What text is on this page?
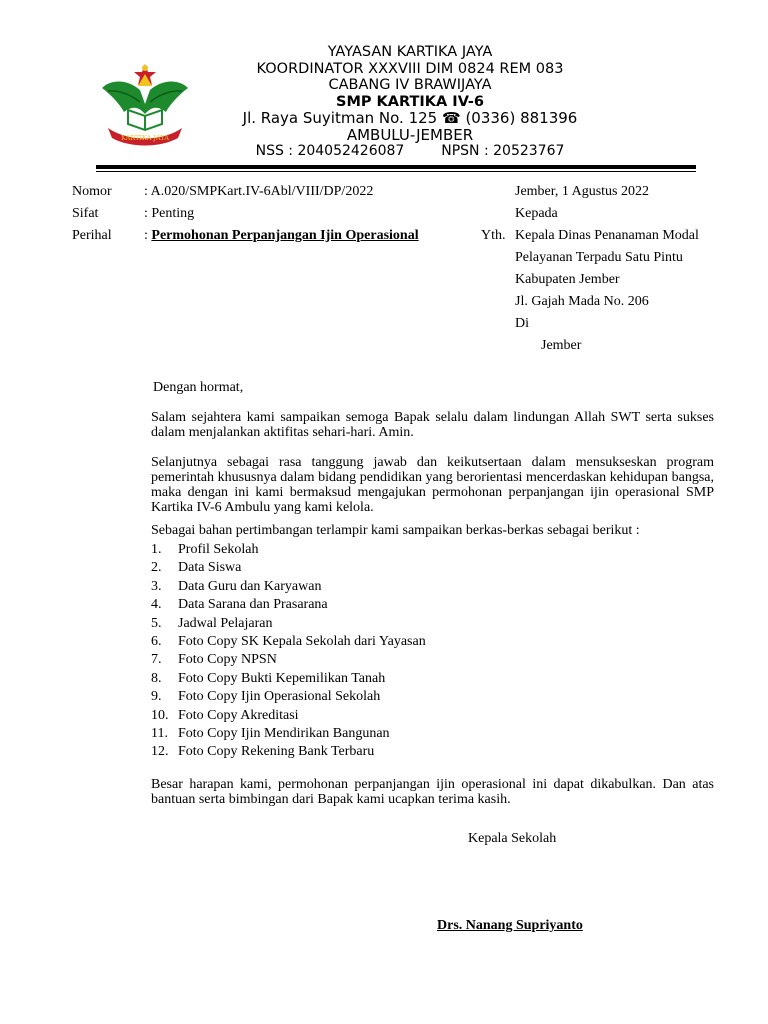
KARTIKA JAYA
YAYASAN KARTIKA JAYA
KOORDINATOR XXXVIII DIM 0824 REM 083
CABANG IV BRAWIJAYA
SMP KARTIKA IV-6
Jl. Raya Suyitman No. 125 ☎ (0336) 881396
AMBULU-JEMBER
NSS : 204052426087	NPSN : 20523767
Nomor : A.020/SMPKart.IV-6Abl/VIII/DP/2022
Sifat	: Penting
Perihal : Permohonan Perpanjangan Ijin Operasional	Yth.
Jember, 1 Agustus 2022
Kepada
Kepala Dinas Penanaman Modal
Pelayanan Terpadu Satu Pintu
Kabupaten Jember
Jl. Gajah Mada No. 206
Di
Jember

Dengan hormat,

Salam sejahtera kami sampaikan semoga Bapak selalu dalam lindungan Allah SWT serta sukses dalam menjalankan aktifitas sehari-hari. Amin.

Selanjutnya sebagai rasa tanggung jawab dan keikutsertaan dalam mensukseskan program pemerintah khususnya dalam bidang pendidikan yang berorientasi mencerdaskan kehidupan bangsa, maka dengan ini kami bermaksud mengajukan permohonan perpanjangan ijin operasional SMP Kartika IV-6 Ambulu yang kami kelola.

Sebagai bahan pertimbangan terlampir kami sampaikan berkas-berkas sebagai berikut :

1. Profil Sekolah
2. Data Siswa
3. Data Guru dan Karyawan
4. Data Sarana dan Prasarana
5. Jadwal Pelajaran
6. Foto Copy SK Kepala Sekolah dari Yayasan
7. Foto Copy NPSN
8. Foto Copy Bukti Kepemilikan Tanah
9. Foto Copy Ijin Operasional Sekolah
10. Foto Copy Akreditasi
11. Foto Copy Ijin Mendirikan Bangunan
12. Foto Copy Rekening Bank Terbaru

Besar harapan kami, permohonan perpanjangan ijin operasional ini dapat dikabulkan. Dan atas bantuan serta bimbingan dari Bapak kami ucapkan terima kasih.

Kepala Sekolah
Drs. Nanang Supriyanto
